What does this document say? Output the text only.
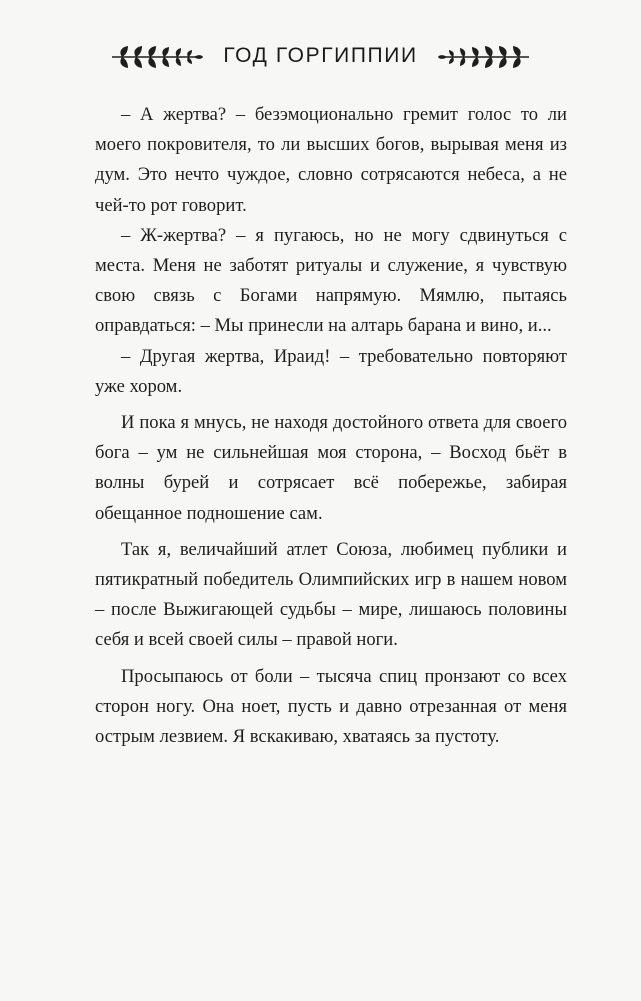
ГОД ГОРГИППИИ

– А жертва? – безэмоционально гремит голос то ли моего покровителя, то ли высших богов, вырывая меня из дум. Это нечто чуждое, словно сотрясаются небеса, а не чей-то рот говорит.

– Ж-жертва? – я пугаюсь, но не могу сдвинуться с места. Меня не заботят ритуалы и служение, я чувствую свою связь с Богами напрямую. Мямлю, пытаясь оправдаться: – Мы принесли на алтарь барана и вино, и...

– Другая жертва, Ираид! – требовательно повторяют уже хором.

И пока я мнусь, не находя достойного ответа для своего бога – ум не сильнейшая моя сторона, – Восход бьёт в волны бурей и сотрясает всё побережье, забирая обещанное подношение сам.

Так я, величайший атлет Союза, любимец публики и пятикратный победитель Олимпийских игр в нашем новом – после Выжигающей судьбы – мире, лишаюсь половины себя и всей своей силы – правой ноги.

Просыпаюсь от боли – тысяча спиц пронзают со всех сторон ногу. Она ноет, пусть и давно отрезанная от меня острым лезвием. Я вскакиваю, хватаясь за пустоту.
